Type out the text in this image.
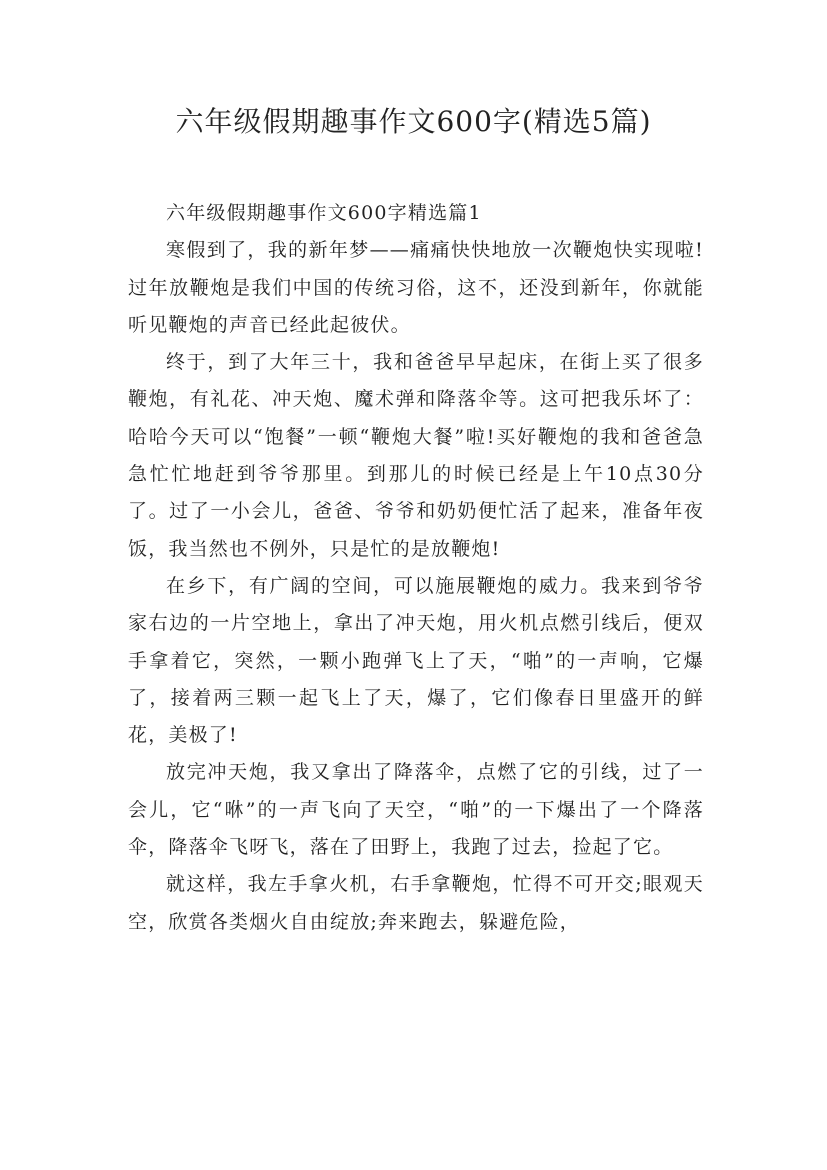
六年级假期趣事作文600字(精选5篇)

六年级假期趣事作文600字精选篇1

寒假到了，我的新年梦——痛痛快快地放一次鞭炮快实现啦!过年放鞭炮是我们中国的传统习俗，这不，还没到新年，你就能听见鞭炮的声音已经此起彼伏。

终于，到了大年三十，我和爸爸早早起床，在街上买了很多鞭炮，有礼花、冲天炮、魔术弹和降落伞等。这可把我乐坏了：哈哈今天可以“饱餐”一顿“鞭炮大餐”啦!买好鞭炮的我和爸爸急急忙忙地赶到爷爷那里。到那儿的时候已经是上午10点30分了。过了一小会儿，爸爸、爷爷和奶奶便忙活了起来，准备年夜饭，我当然也不例外，只是忙的是放鞭炮!

在乡下，有广阔的空间，可以施展鞭炮的威力。我来到爷爷家右边的一片空地上，拿出了冲天炮，用火机点燃引线后，便双手拿着它，突然，一颗小跑弹飞上了天，“啪”的一声响，它爆了，接着两三颗一起飞上了天，爆了，它们像春日里盛开的鲜花，美极了!

放完冲天炮，我又拿出了降落伞，点燃了它的引线，过了一会儿，它“咻”的一声飞向了天空，“啪”的一下爆出了一个降落伞，降落伞飞呀飞，落在了田野上，我跑了过去，捡起了它。

就这样，我左手拿火机，右手拿鞭炮，忙得不可开交;眼观天空，欣赏各类烟火自由绽放;奔来跑去，躲避危险，
